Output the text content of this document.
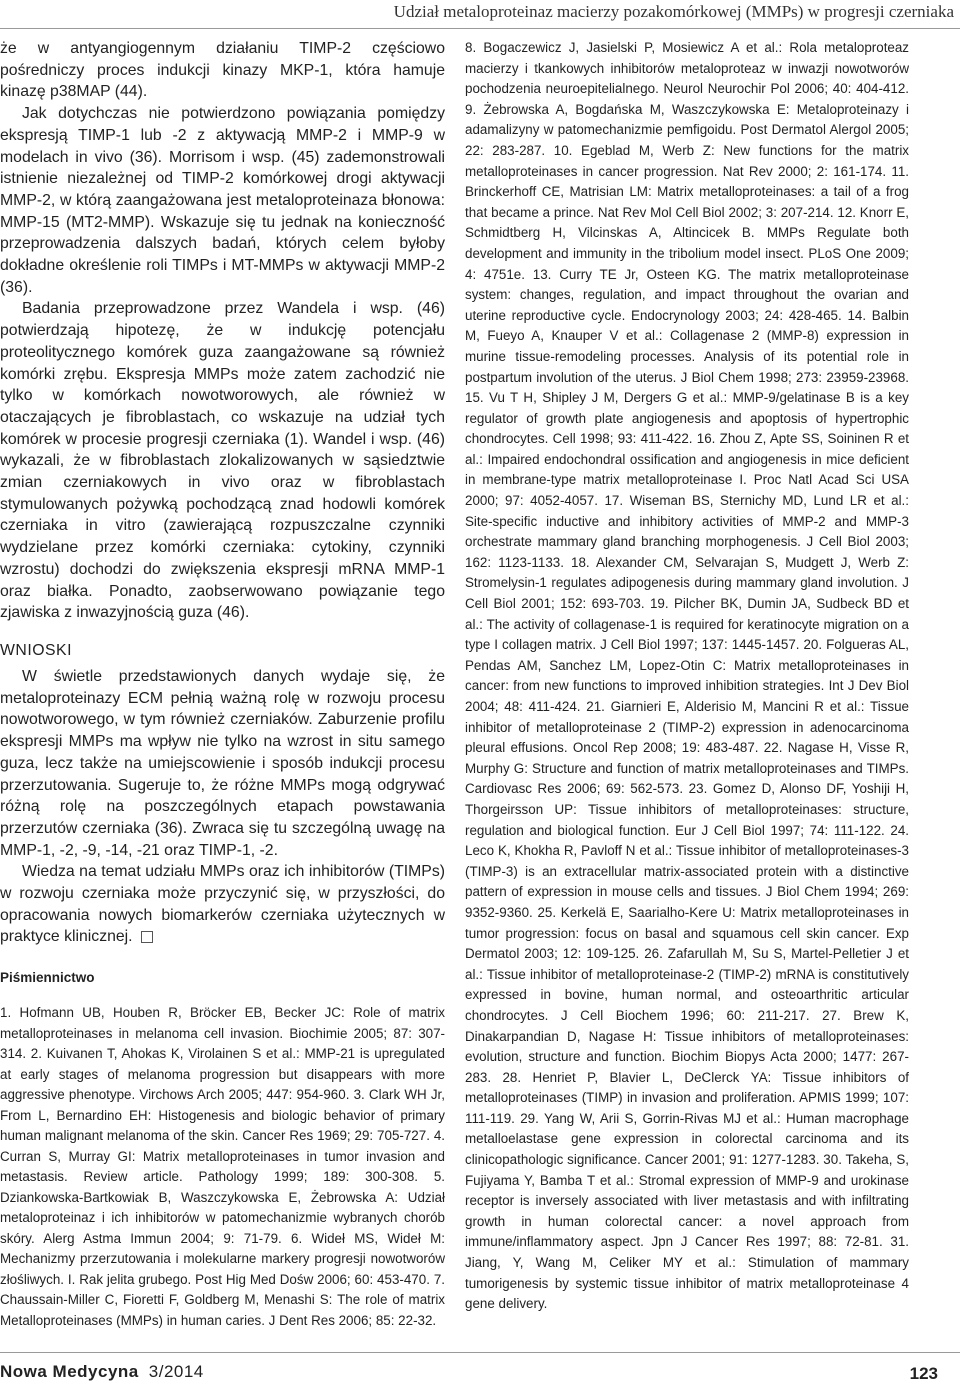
Udział metaloproteinaz macierzy pozakomórkowej (MMPs) w progresji czerniaka

że w antyangiogennym działaniu TIMP-2 częściowo pośredniczy proces indukcji kinazy MKP-1, która hamuje kinazę p38MAP (44).

Jak dotychczas nie potwierdzono powiązania pomiędzy ekspresją TIMP-1 lub -2 z aktywacją MMP-2 i MMP-9 w modelach in vivo (36). Morrisom i wsp. (45) zademonstrowali istnienie niezależnej od TIMP-2 komórkowej drogi aktywacji MMP-2, w którą zaangażowana jest metaloproteinaza błonowa: MMP-15 (MT2-MMP). Wskazuje się tu jednak na konieczność przeprowadzenia dalszych badań, których celem byłoby dokładne określenie roli TIMPs i MT-MMPs w aktywacji MMP-2 (36).

Badania przeprowadzone przez Wandela i wsp. (46) potwierdzają hipotezę, że w indukcję potencjału proteolitycznego komórek guza zaangażowane są również komórki zrębu. Ekspresja MMPs może zatem zachodzić nie tylko w komórkach nowotworowych, ale również w otaczających je fibroblastach, co wskazuje na udział tych komórek w procesie progresji czerniaka (1). Wandel i wsp. (46) wykazali, że w fibroblastach zlokalizowanych w sąsiedztwie zmian czerniakowych in vivo oraz w fibroblastach stymulowanych pożywką pochodzącą znad hodowli komórek czerniaka in vitro (zawierającą rozpuszczalne czynniki wydzielane przez komórki czerniaka: cytokiny, czynniki wzrostu) dochodzi do zwiększenia ekspresji mRNA MMP-1 oraz białka. Ponadto, zaobserwowano powiązanie tego zjawiska z inwazyjnością guza (46).

WNIOSKI

W świetle przedstawionych danych wydaje się, że metaloproteinazy ECM pełnią ważną rolę w rozwoju procesu nowotworowego, w tym również czerniaków. Zaburzenie profilu ekspresji MMPs ma wpływ nie tylko na wzrost in situ samego guza, lecz także na umiejscowienie i sposób indukcji procesu przerzutowania. Sugeruje to, że różne MMPs mogą odgrywać różną rolę na poszczególnych etapach powstawania przerzutów czerniaka (36). Zwraca się tu szczególną uwagę na MMP-1, -2, -9, -14, -21 oraz TIMP-1, -2.

Wiedza na temat udziału MMPs oraz ich inhibitorów (TIMPs) w rozwoju czerniaka może przyczynić się, w przyszłości, do opracowania nowych biomarkerów czerniaka użytecznych w praktyce klinicznej.

Piśmiennictwo

1. Hofmann UB, Houben R, Bröcker EB, Becker JC: Role of matrix metalloproteinases in melanoma cell invasion. Biochimie 2005; 87: 307-314. 2. Kuivanen T, Ahokas K, Virolainen S et al.: MMP-21 is upregulated at early stages of melanoma progression but disappears with more aggressive phenotype. Virchows Arch 2005; 447: 954-960. 3. Clark WH Jr, From L, Bernardino EH: Histogenesis and biologic behavior of primary human malignant melanoma of the skin. Cancer Res 1969; 29: 705-727. 4. Curran S, Murray GI: Matrix metalloproteinases in tumor invasion and metastasis. Review article. Pathology 1999; 189: 300-308. 5. Dziankowska-Bartkowiak B, Waszczykowska E, Żebrowska A: Udział metaloproteinaz i ich inhibitorów w patomechanizmie wybranych chorób skóry. Alerg Astma Immun 2004; 9: 71-79. 6. Wideł MS, Wideł M: Mechanizmy przerzutowania i molekularne markery progresji nowotworów złośliwych. I. Rak jelita grubego. Post Hig Med Dośw 2006; 60: 453-470. 7. Chaussain-Miller C, Fioretti F, Goldberg M, Menashi S: The role of matrix Metalloproteinases (MMPs) in human caries. J Dent Res 2006; 85: 22-32.

8. Bogaczewicz J, Jasielski P, Mosiewicz A et al.: Rola metaloproteaz macierzy i tkankowych inhibitorów metaloproteaz w inwazji nowotworów pochodzenia neuroepitelialnego. Neurol Neurochir Pol 2006; 40: 404-412. 9. Żebrowska A, Bogdańska M, Waszczykowska E: Metaloproteinazy i adamalizyny w patomechanizmie pemfigoidu. Post Dermatol Alergol 2005; 22: 283-287. 10. Egeblad M, Werb Z: New functions for the matrix metalloproteinases in cancer progression. Nat Rev 2000; 2: 161-174. 11. Brinckerhoff CE, Matrisian LM: Matrix metalloproteinases: a tail of a frog that became a prince. Nat Rev Mol Cell Biol 2002; 3: 207-214. 12. Knorr E, Schmidtberg H, Vilcinskas A, Altincicek B. MMPs Regulate both development and immunity in the tribolium model insect. PLoS One 2009; 4: 4751e. 13. Curry TE Jr, Osteen KG. The matrix metalloproteinase system: changes, regulation, and impact throughout the ovarian and uterine reproductive cycle. Endocrynology 2003; 24: 428-465. 14. Balbin M, Fueyo A, Knauper V et al.: Collagenase 2 (MMP-8) expression in murine tissue-remodeling processes. Analysis of its potential role in postpartum involution of the uterus. J Biol Chem 1998; 273: 23959-23968. 15. Vu T H, Shipley J M, Dergers G et al.: MMP-9/gelatinase B is a key regulator of growth plate angiogenesis and apoptosis of hypertrophic chondrocytes. Cell 1998; 93: 411-422. 16. Zhou Z, Apte SS, Soininen R et al.: Impaired endochondral ossification and angiogenesis in mice deficient in membrane-type matrix metalloproteinase I. Proc Natl Acad Sci USA 2000; 97: 4052-4057. 17. Wiseman BS, Sternichy MD, Lund LR et al.: Site-specific inductive and inhibitory activities of MMP-2 and MMP-3 orchestrate mammary gland branching morphogenesis. J Cell Biol 2003; 162: 1123-1133. 18. Alexander CM, Selvarajan S, Mudgett J, Werb Z: Stromelysin-1 regulates adipogenesis during mammary gland involution. J Cell Biol 2001; 152: 693-703. 19. Pilcher BK, Dumin JA, Sudbeck BD et al.: The activity of collagenase-1 is required for keratinocyte migration on a type I collagen matrix. J Cell Biol 1997; 137: 1445-1457. 20. Folgueras AL, Pendas AM, Sanchez LM, Lopez-Otin C: Matrix metalloproteinases in cancer: from new functions to improved inhibition strategies. Int J Dev Biol 2004; 48: 411-424. 21. Giarnieri E, Alderisio M, Mancini R et al.: Tissue inhibitor of metalloproteinase 2 (TIMP-2) expression in adenocarcinoma pleural effusions. Oncol Rep 2008; 19: 483-487. 22. Nagase H, Visse R, Murphy G: Structure and function of matrix metalloproteinases and TIMPs. Cardiovasc Res 2006; 69: 562-573. 23. Gomez D, Alonso DF, Yoshiji H, Thorgeirsson UP: Tissue inhibitors of metalloproteinases: structure, regulation and biological function. Eur J Cell Biol 1997; 74: 111-122. 24. Leco K, Khokha R, Pavloff N et al.: Tissue inhibitor of metalloproteinases-3 (TIMP-3) is an extracellular matrix-associated protein with a distinctive pattern of expression in mouse cells and tissues. J Biol Chem 1994; 269: 9352-9360. 25. Kerkelä E, Saarialho-Kere U: Matrix metalloproteinases in tumor progression: focus on basal and squamous cell skin cancer. Exp Dermatol 2003; 12: 109-125. 26. Zafarullah M, Su S, Martel-Pelletier J et al.: Tissue inhibitor of metalloproteinase-2 (TIMP-2) mRNA is constitutively expressed in bovine, human normal, and osteoarthritic articular chondrocytes. J Cell Biochem 1996; 60: 211-217. 27. Brew K, Dinakarpandian D, Nagase H: Tissue inhibitors of metalloproteinases: evolution, structure and function. Biochim Biopys Acta 2000; 1477: 267-283. 28. Henriet P, Blavier L, DeClerck YA: Tissue inhibitors of metalloproteinases (TIMP) in invasion and proliferation. APMIS 1999; 107: 111-119. 29. Yang W, Arii S, Gorrin-Rivas MJ et al.: Human macrophage metalloelastase gene expression in colorectal carcinoma and its clinicopathologic significance. Cancer 2001; 91: 1277-1283. 30. Takeha, S, Fujiyama Y, Bamba T et al.: Stromal expression of MMP-9 and urokinase receptor is inversely associated with liver metastasis and with infiltrating growth in human colorectal cancer: a novel approach from immune/inflammatory aspect. Jpn J Cancer Res 1997; 88: 72-81. 31. Jiang, Y, Wang M, Celiker MY et al.: Stimulation of mammary tumorigenesis by systemic tissue inhibitor of matrix metalloproteinase 4 gene delivery.

Nowa Medycyna 3/2014	123
